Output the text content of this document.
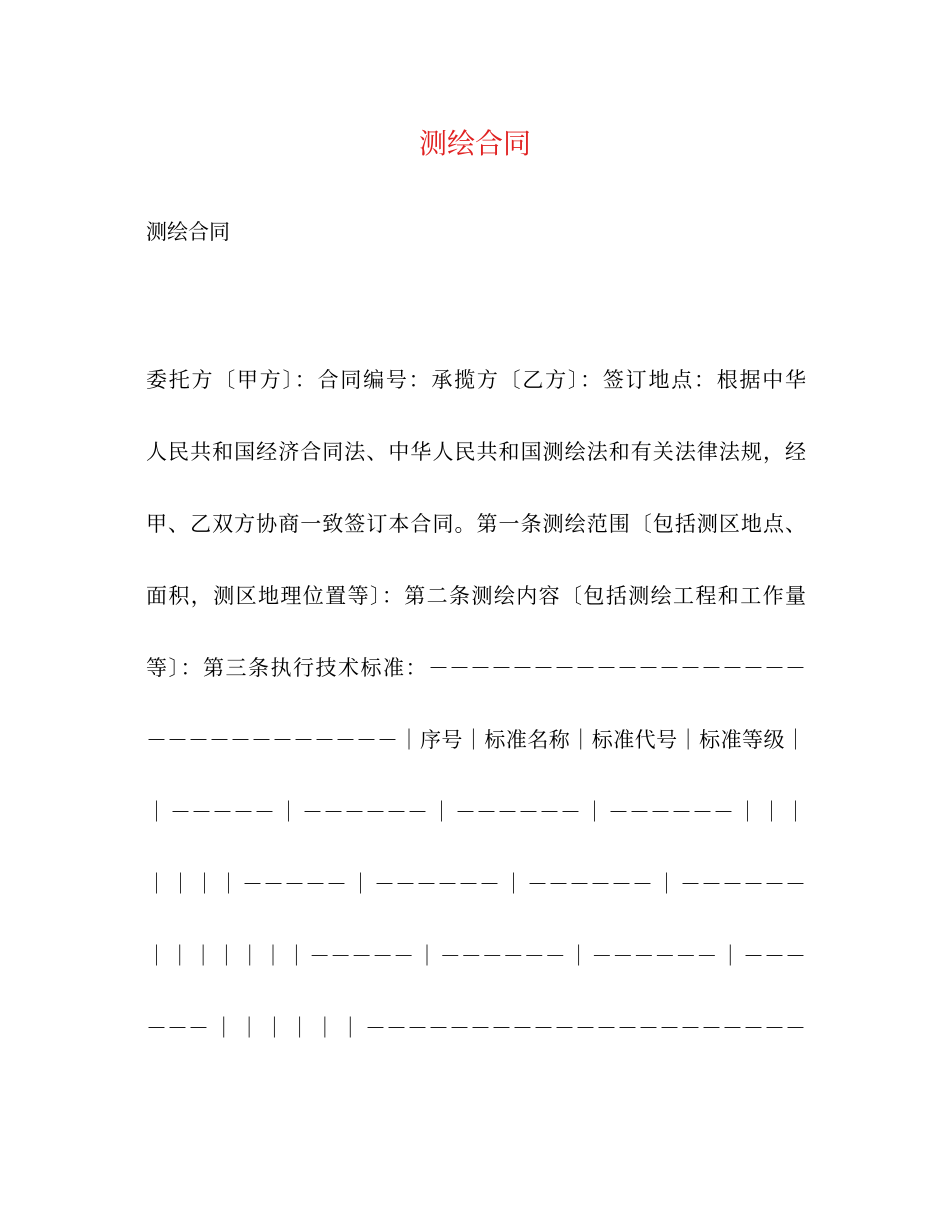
测绘合同
测绘合同
委托方〔甲方〕：合同编号：承揽方〔乙方〕：签订地点：根据中华
人民共和国经济合同法、中华人民共和国测绘法和有关法律法规，经
甲、乙双方协商一致签订本合同。第一条测绘范围〔包括测区地点、
面积，测区地理位置等〕：第二条测绘内容〔包括测绘工程和工作量
等〕：第三条执行技术标准：－－－－－－－－－－－－－－－－－－
－－－－－－－－－－－－｜序号｜标准名称｜标准代号｜标准等级｜
｜－－－－－｜－－－－－－｜－－－－－－｜－－－－－－｜｜｜
｜｜｜｜－－－－－｜－－－－－－｜－－－－－－｜－－－－－－
｜｜｜｜｜｜｜－－－－－｜－－－－－－｜－－－－－－｜－－－
－－－｜｜｜｜｜｜－－－－－－－－－－－－－－－－－－－－－
